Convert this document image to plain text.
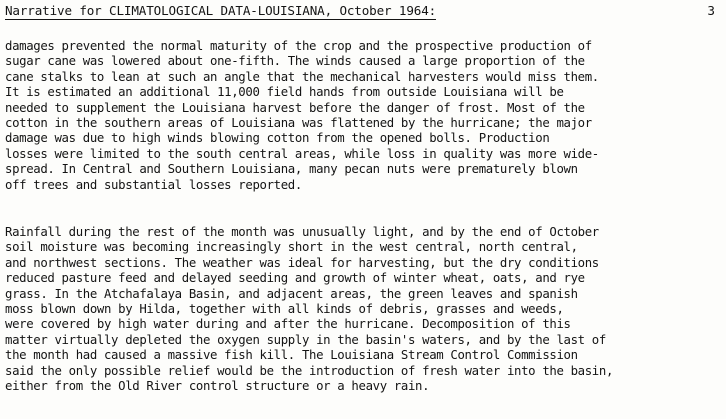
Narrative for CLIMATOLOGICAL DATA-LOUISIANA, October 1964:	3
damages prevented the normal maturity of the crop and the prospective production of
sugar cane was lowered about one-fifth. The winds caused a large proportion of the
cane stalks to lean at such an angle that the mechanical harvesters would miss them.
It is estimated an additional 11,000 field hands from outside Louisiana will be
needed to supplement the Louisiana harvest before the danger of frost. Most of the
cotton in the southern areas of Louisiana was flattened by the hurricane; the major
damage was due to high winds blowing cotton from the opened bolls. Production
losses were limited to the south central areas, while loss in quality was more wide-
spread. In Central and Southern Louisiana, many pecan nuts were prematurely blown
off trees and substantial losses reported.
Rainfall during the rest of the month was unusually light, and by the end of October
soil moisture was becoming increasingly short in the west central, north central,
and northwest sections. The weather was ideal for harvesting, but the dry conditions
reduced pasture feed and delayed seeding and growth of winter wheat, oats, and rye
grass. In the Atchafalaya Basin, and adjacent areas, the green leaves and spanish
moss blown down by Hilda, together with all kinds of debris, grasses and weeds,
were covered by high water during and after the hurricane. Decomposition of this
matter virtually depleted the oxygen supply in the basin's waters, and by the last of
the month had caused a massive fish kill. The Louisiana Stream Control Commission
said the only possible relief would be the introduction of fresh water into the basin,
either from the Old River control structure or a heavy rain.
